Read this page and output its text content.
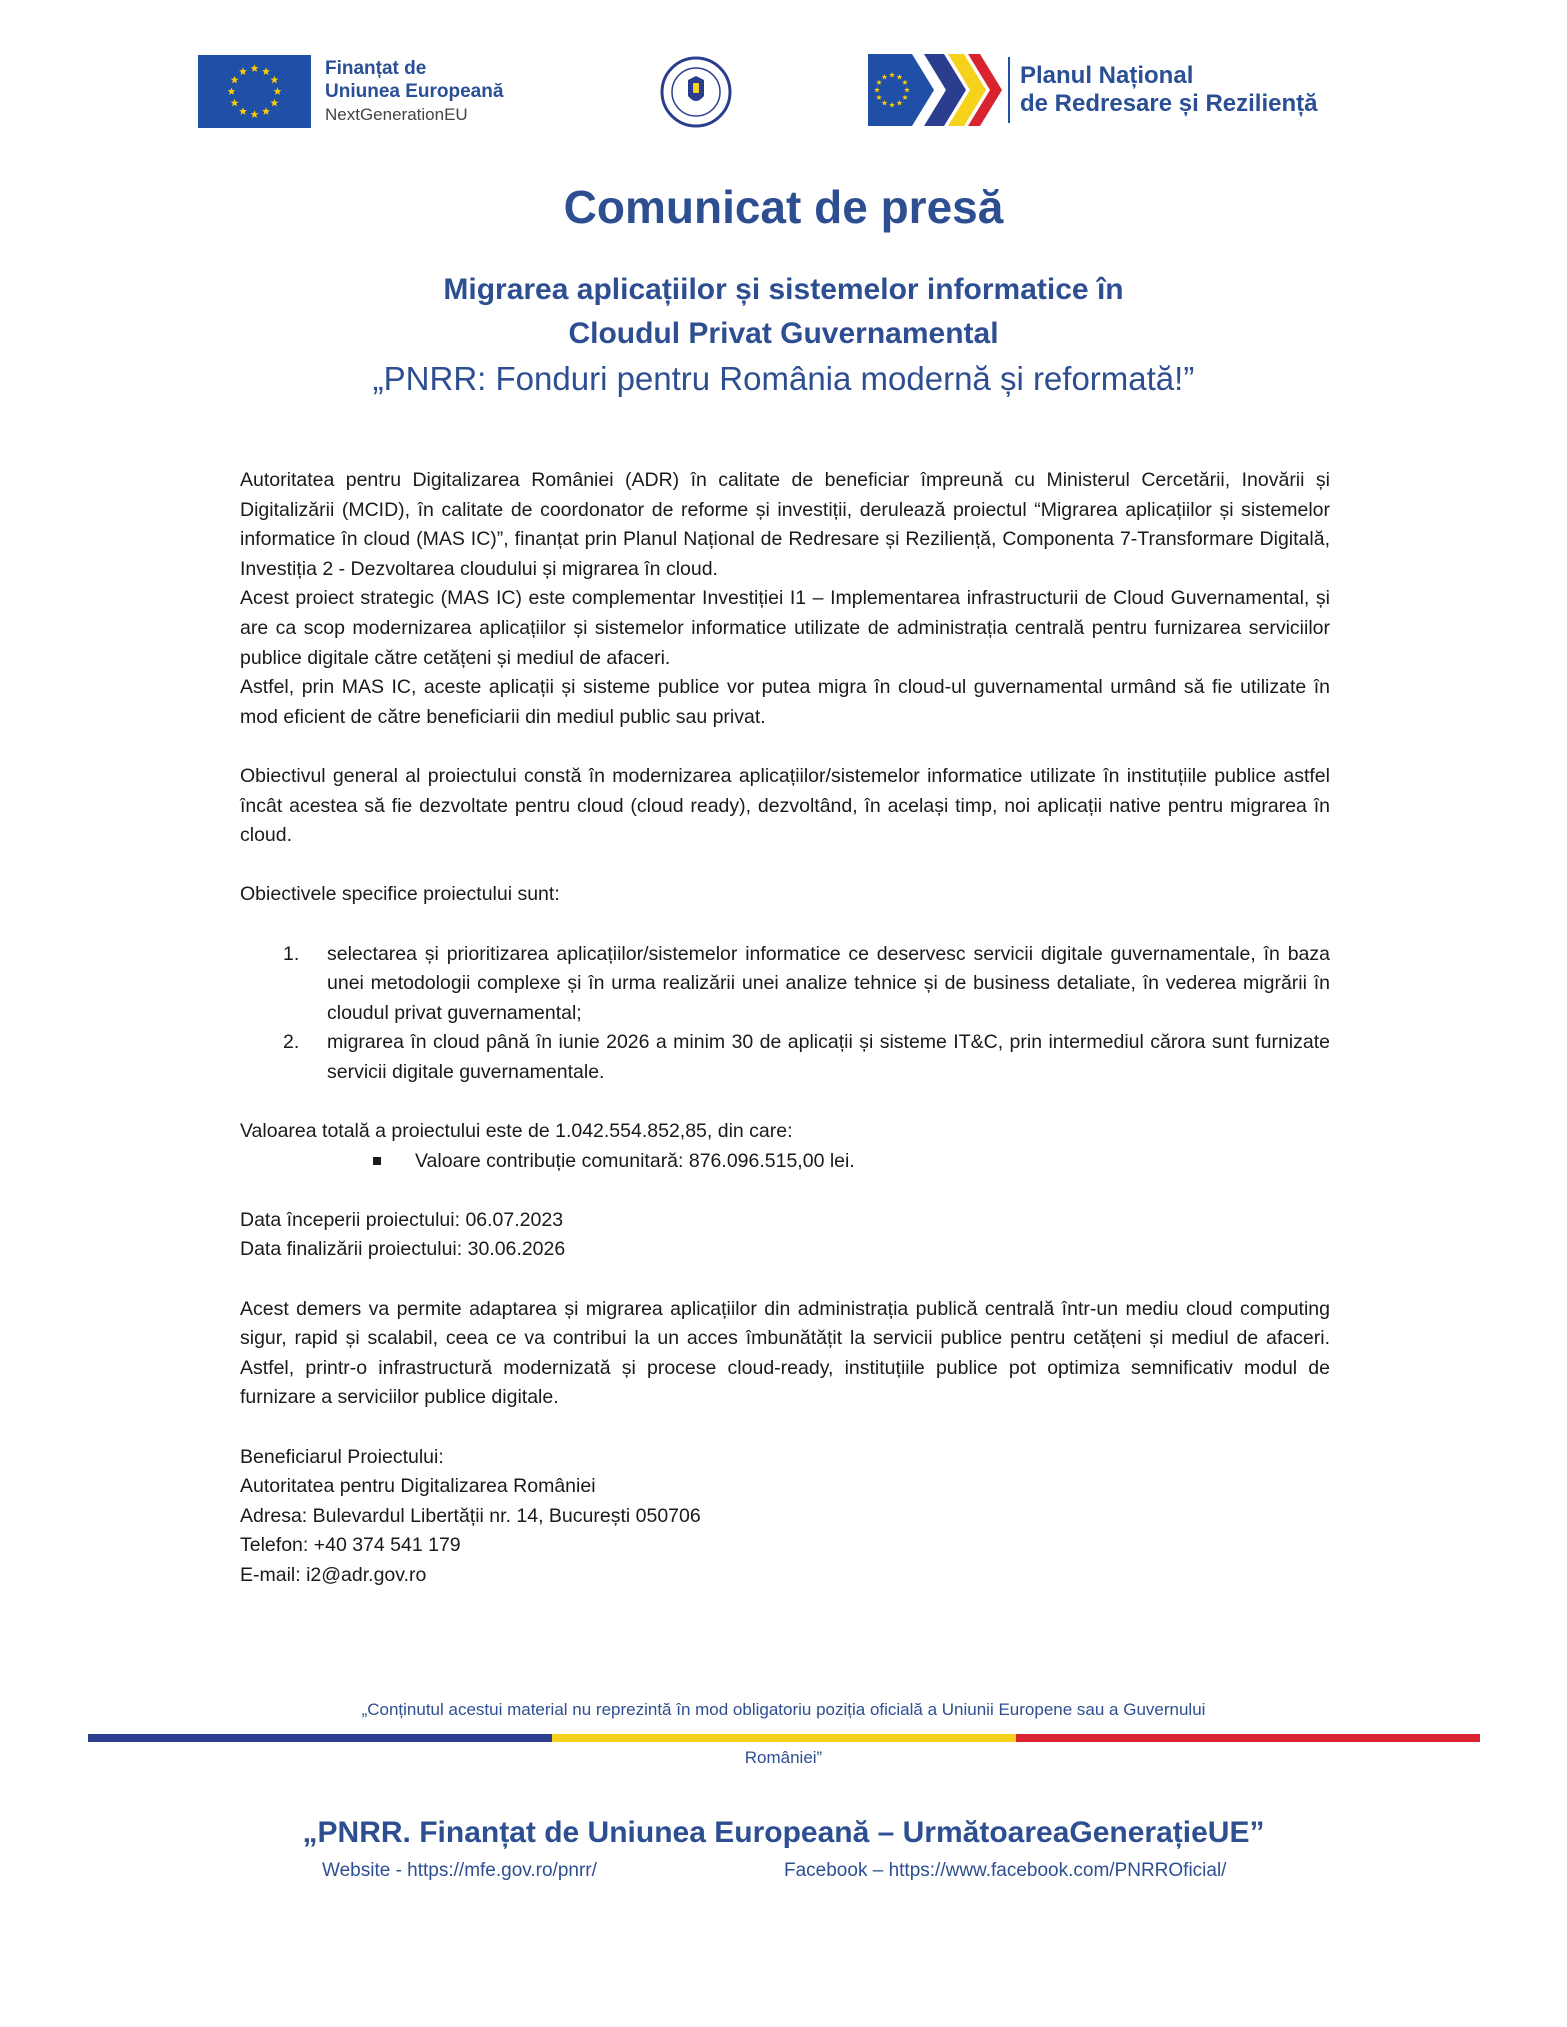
Finanțat de
Uniunea Europeană
NextGenerationEU
Planul Național
de Redresare și Reziliență
Comunicat de presă
Migrarea aplicațiilor și sistemelor informatice în
Cloudul Privat Guvernamental
„PNRR: Fonduri pentru România modernă și reformată!”

Autoritatea pentru Digitalizarea României (ADR) în calitate de beneficiar împreună cu Ministerul Cercetării, Inovării și Digitalizării (MCID), în calitate de coordonator de reforme și investiții, derulează proiectul “Migrarea aplicațiilor și sistemelor informatice în cloud (MAS IC)”, finanțat prin Planul Național de Redresare și Reziliență, Componenta 7-Transformare Digitală, Investiția 2 - Dezvoltarea cloudului și migrarea în cloud.

Acest proiect strategic (MAS IC) este complementar Investiției I1 – Implementarea infrastructurii de Cloud Guvernamental, și are ca scop modernizarea aplicațiilor și sistemelor informatice utilizate de administrația centrală pentru furnizarea serviciilor publice digitale către cetățeni și mediul de afaceri.

Astfel, prin MAS IC, aceste aplicații și sisteme publice vor putea migra în cloud-ul guvernamental urmând să fie utilizate în mod eficient de către beneficiarii din mediul public sau privat.

Obiectivul general al proiectului constă în modernizarea aplicațiilor/sistemelor informatice utilizate în instituțiile publice astfel încât acestea să fie dezvoltate pentru cloud (cloud ready), dezvoltând, în același timp, noi aplicații native pentru migrarea în cloud.

Obiectivele specifice proiectului sunt:

1. selectarea și prioritizarea aplicațiilor/sistemelor informatice ce deservesc servicii digitale guvernamentale, în baza unei metodologii complexe și în urma realizării unei analize tehnice și de business detaliate, în vederea migrării în cloudul privat guvernamental;
2. migrarea în cloud până în iunie 2026 a minim 30 de aplicații și sisteme IT&C, prin intermediul cărora sunt furnizate servicii digitale guvernamentale.

Valoarea totală a proiectului este de 1.042.554.852,85, din care:

Valoare contribuție comunitară: 876.096.515,00 lei.

Data începerii proiectului: 06.07.2023

Data finalizării proiectului: 30.06.2026

Acest demers va permite adaptarea și migrarea aplicațiilor din administrația publică centrală într-un mediu cloud computing sigur, rapid și scalabil, ceea ce va contribui la un acces îmbunătățit la servicii publice pentru cetățeni și mediul de afaceri. Astfel, printr-o infrastructură modernizată și procese cloud-ready, instituțiile publice pot optimiza semnificativ modul de furnizare a serviciilor publice digitale.

Beneficiarul Proiectului:

Autoritatea pentru Digitalizarea României

Adresa: Bulevardul Libertății nr. 14, București 050706

Telefon: +40 374 541 179

E-mail: i2@adr.gov.ro

„Conținutul acestui material nu reprezintă în mod obligatoriu poziția oficială a Uniunii Europene sau a Guvernului
României”
„PNRR. Finanțat de Uniunea Europeană – UrmătoareaGenerațieUE”
Website - https://mfe.gov.ro/pnrr/	Facebook – https://www.facebook.com/PNRROficial/
